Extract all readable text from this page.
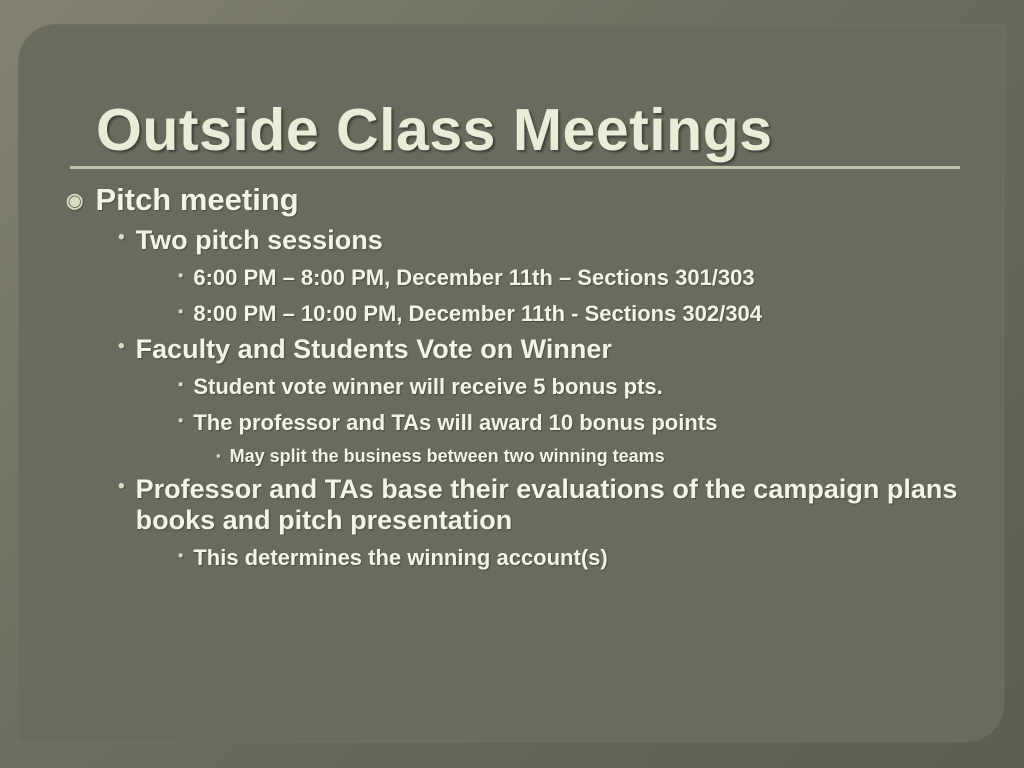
Outside Class Meetings
◉ Pitch meeting
• Two pitch sessions
▪ 6:00 PM – 8:00 PM, December 11th – Sections 301/303
▪ 8:00 PM – 10:00 PM, December 11th - Sections 302/304
• Faculty and Students Vote on Winner
▪ Student vote winner will receive 5 bonus pts.
▪ The professor and TAs will award 10 bonus points
▪ May split the business between two winning teams
• Professor and TAs base their evaluations of the campaign plans books and pitch presentation
▪ This determines the winning account(s)
